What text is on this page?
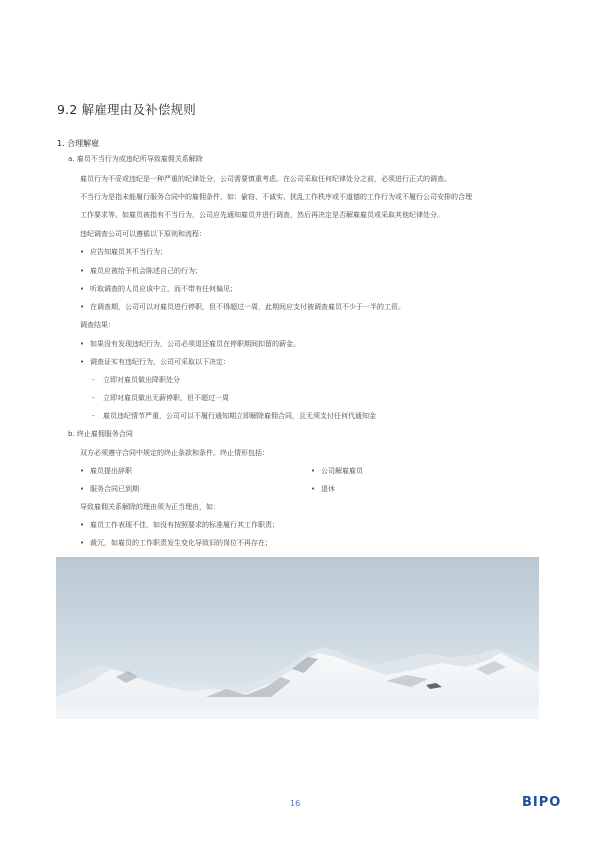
9.2 解雇理由及补偿规则
1. 合理解雇
a. 雇员不当行为或违纪所导致雇佣关系解除
雇员行为不妥或违纪是一种严重的纪律处分，公司需要慎重考虑。在公司采取任何纪律处分之前，必须进行正式的调查。
不当行为是指未能履行服务合同中的雇佣条件，如：偷窃、不诚实、扰乱工作秩序或不道德的工作行为或不履行公司安排的合理
工作要求等。如雇员被指有不当行为，公司应先通知雇员并进行调查，然后再决定是否解雇雇员或采取其他纪律处分。
违纪调查公司可以遵循以下原则和流程：
• 应告知雇员其不当行为；
• 雇员应被给予机会陈述自己的行为；
• 听取调查的人员应该中立，而不带有任何偏见；
• 在调查期，公司可以对雇员进行停职，但不得超过一周，此期间应支付被调查雇员不少于一半的工资。
调查结果：
• 如果没有发现违纪行为，公司必须退还雇员在停职期间扣留的薪金。
• 调查证实有违纪行为，公司可采取以下决定：
- 立即对雇员做出降职处分
- 立即对雇员做出无薪停职，但不超过一周
- 雇员违纪情节严重，公司可以不履行通知期立即解除雇佣合同，且无须支付任何代通知金
b. 终止雇佣服务合同
双方必须遵守合同中规定的终止条款和条件。终止情形包括：
• 雇员提出辞职	• 公司解雇雇员
• 服务合同已到期	• 退休
导致雇佣关系解除的理由须为正当理由，如：
• 雇员工作表现不佳，如没有按照要求的标准履行其工作职责；
• 裁冗，如雇员的工作职责发生变化导致旧的岗位不再存在；
16	BIPO
